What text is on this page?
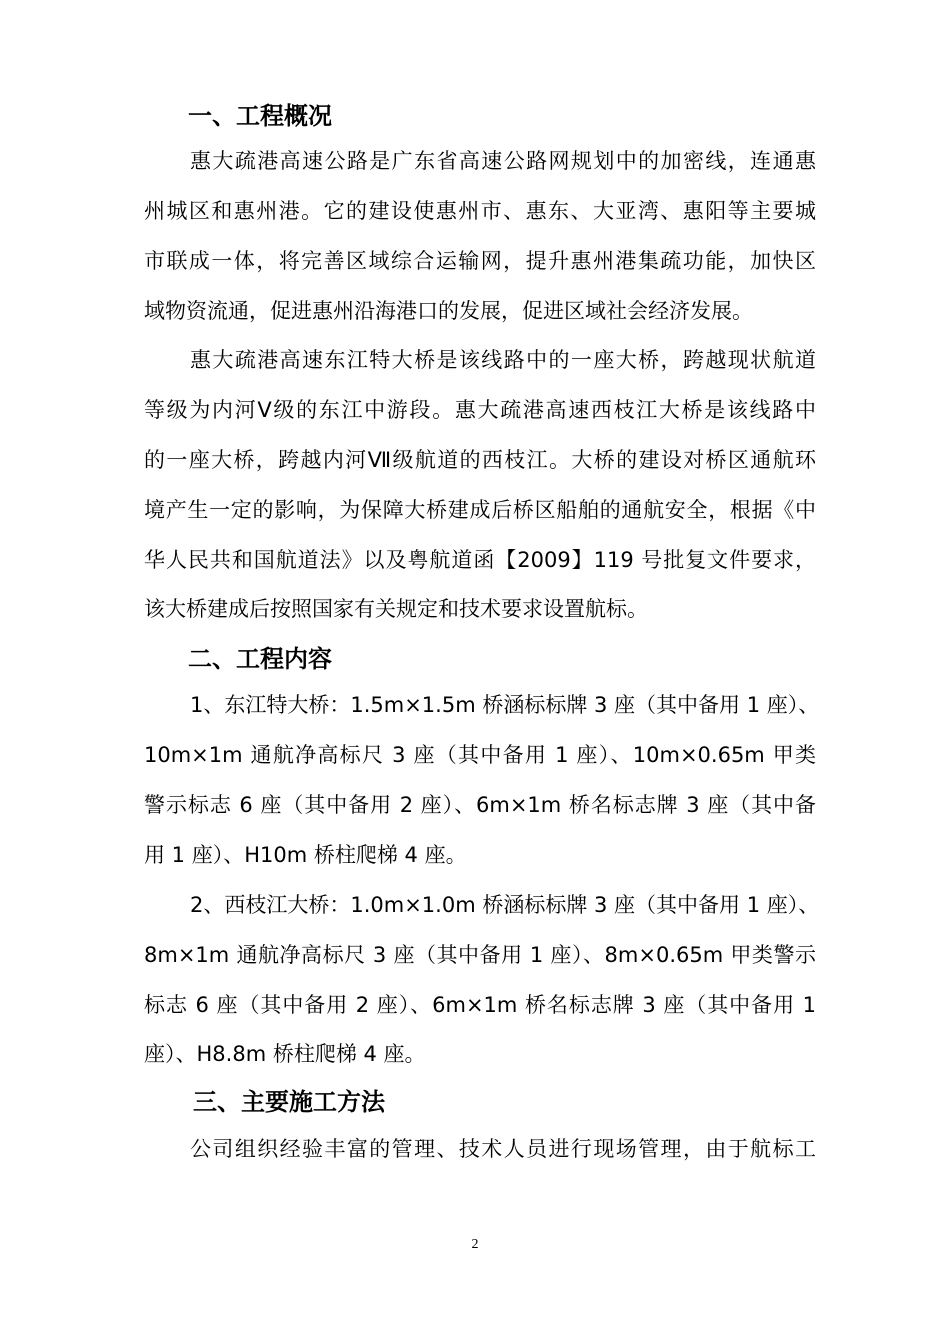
一、工程概况
惠大疏港高速公路是广东省高速公路网规划中的加密线，连通惠
州城区和惠州港。它的建设使惠州市、惠东、大亚湾、惠阳等主要城
市联成一体，将完善区域综合运输网，提升惠州港集疏功能，加快区
域物资流通，促进惠州沿海港口的发展，促进区域社会经济发展。
惠大疏港高速东江特大桥是该线路中的一座大桥，跨越现状航道
等级为内河Ⅴ级的东江中游段。惠大疏港高速西枝江大桥是该线路中
的一座大桥，跨越内河Ⅶ级航道的西枝江。大桥的建设对桥区通航环
境产生一定的影响，为保障大桥建成后桥区船舶的通航安全，根据《中
华人民共和国航道法》以及粤航道函【2009】119 号批复文件要求，
该大桥建成后按照国家有关规定和技术要求设置航标。
二、工程内容
1、东江特大桥：1.5m×1.5m 桥涵标标牌 3 座（其中备用 1 座）、
10m×1m 通航净高标尺 3 座（其中备用 1 座）、10m×0.65m 甲类
警示标志 6 座（其中备用 2 座）、6m×1m 桥名标志牌 3 座（其中备
用 1 座）、H10m 桥柱爬梯 4 座。
2、西枝江大桥：1.0m×1.0m 桥涵标标牌 3 座（其中备用 1 座）、
8m×1m 通航净高标尺 3 座（其中备用 1 座）、8m×0.65m 甲类警示
标志 6 座（其中备用 2 座）、6m×1m 桥名标志牌 3 座（其中备用 1
座）、H8.8m 桥柱爬梯 4 座。
三、主要施工方法
公司组织经验丰富的管理、技术人员进行现场管理，由于航标工
2
